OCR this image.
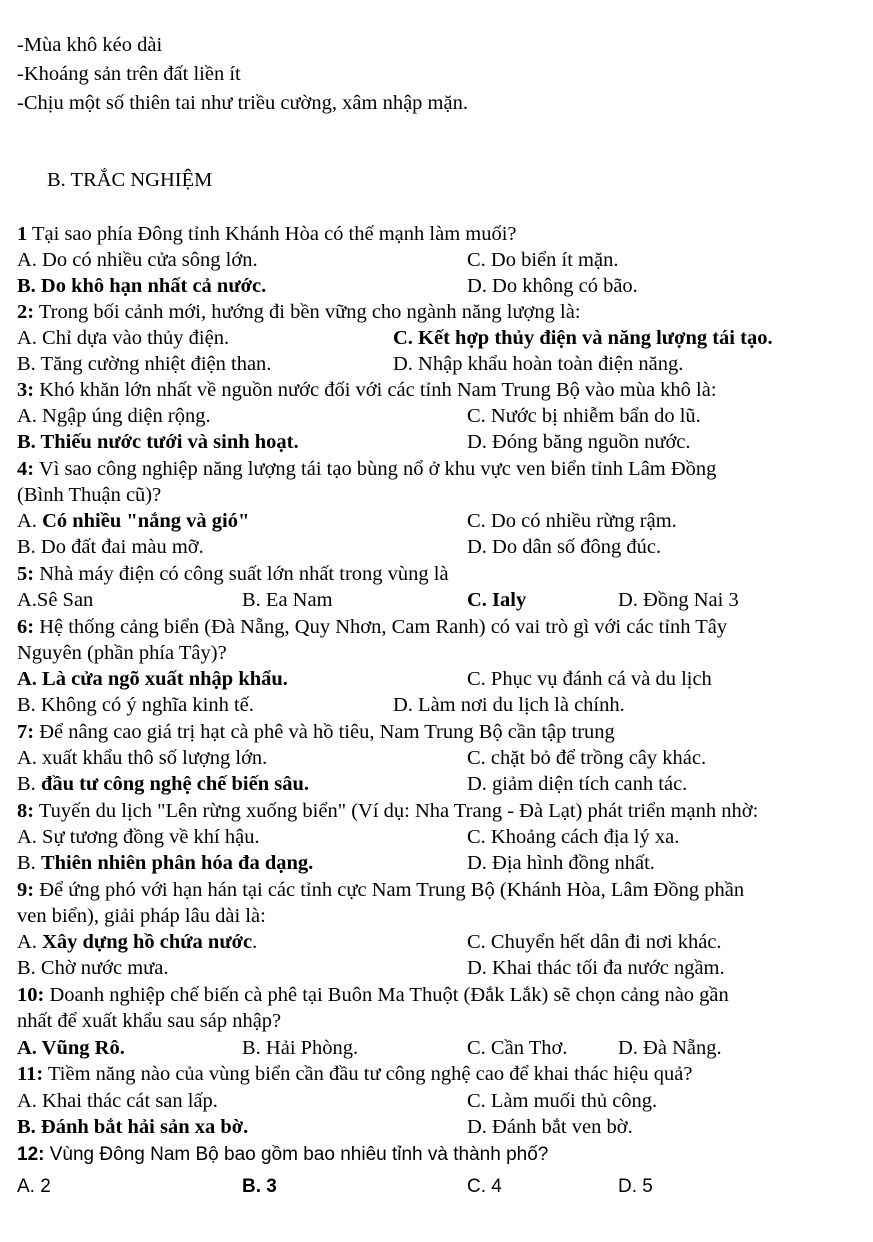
-Mùa khô kéo dài
-Khoáng sản trên đất liền ít
-Chịu một số thiên tai như triều cường, xâm nhập mặn.
B. TRẮC NGHIỆM
1 Tại sao phía Đông tỉnh Khánh Hòa có thế mạnh làm muối?
A. Do có nhiều cửa sông lớn.	C. Do biển ít mặn.
B. Do khô hạn nhất cả nước.	D. Do không có bão.
2: Trong bối cảnh mới, hướng đi bền vững cho ngành năng lượng là:
A. Chỉ dựa vào thủy điện.	C. Kết hợp thủy điện và năng lượng tái tạo.
B. Tăng cường nhiệt điện than.	D. Nhập khẩu hoàn toàn điện năng.
3: Khó khăn lớn nhất về nguồn nước đối với các tỉnh Nam Trung Bộ vào mùa khô là:
A. Ngập úng diện rộng.	C. Nước bị nhiễm bẩn do lũ.
B. Thiếu nước tưới và sinh hoạt.	D. Đóng băng nguồn nước.
4: Vì sao công nghiệp năng lượng tái tạo bùng nổ ở khu vực ven biển tỉnh Lâm Đồng
(Bình Thuận cũ)?
A. Có nhiều "nắng và gió"	C. Do có nhiều rừng rậm.
B. Do đất đai màu mỡ.	D. Do dân số đông đúc.
5: Nhà máy điện có công suất lớn nhất trong vùng là
A.Sê San	B. Ea Nam	C. Ialy	D. Đồng Nai 3
6: Hệ thống cảng biển (Đà Nẵng, Quy Nhơn, Cam Ranh) có vai trò gì với các tỉnh Tây
Nguyên (phần phía Tây)?
A. Là cửa ngõ xuất nhập khẩu.	C. Phục vụ đánh cá và du lịch
B. Không có ý nghĩa kinh tế.	D. Làm nơi du lịch là chính.
7: Để nâng cao giá trị hạt cà phê và hồ tiêu, Nam Trung Bộ cần tập trung
A. xuất khẩu thô số lượng lớn.	C. chặt bỏ để trồng cây khác.
B. đầu tư công nghệ chế biến sâu.	D. giảm diện tích canh tác.
8: Tuyến du lịch "Lên rừng xuống biển" (Ví dụ: Nha Trang - Đà Lạt) phát triển mạnh nhờ:
A. Sự tương đồng về khí hậu.	C. Khoảng cách địa lý xa.
B. Thiên nhiên phân hóa đa dạng.	D. Địa hình đồng nhất.
9: Để ứng phó với hạn hán tại các tỉnh cực Nam Trung Bộ (Khánh Hòa, Lâm Đồng phần
ven biển), giải pháp lâu dài là:
A. Xây dựng hồ chứa nước.	C. Chuyển hết dân đi nơi khác.
B. Chờ nước mưa.	D. Khai thác tối đa nước ngầm.
10: Doanh nghiệp chế biến cà phê tại Buôn Ma Thuột (Đắk Lắk) sẽ chọn cảng nào gần
nhất để xuất khẩu sau sáp nhập?
A. Vũng Rô.	B. Hải Phòng.	C. Cần Thơ. D. Đà Nẵng.
11: Tiềm năng nào của vùng biển cần đầu tư công nghệ cao để khai thác hiệu quả?
A. Khai thác cát san lấp.	C. Làm muối thủ công.
B. Đánh bắt hải sản xa bờ.	D. Đánh bắt ven bờ.
12: Vùng Đông Nam Bộ bao gồm bao nhiêu tỉnh và thành phố?
A. 2	B. 3	C. 4	D. 5
